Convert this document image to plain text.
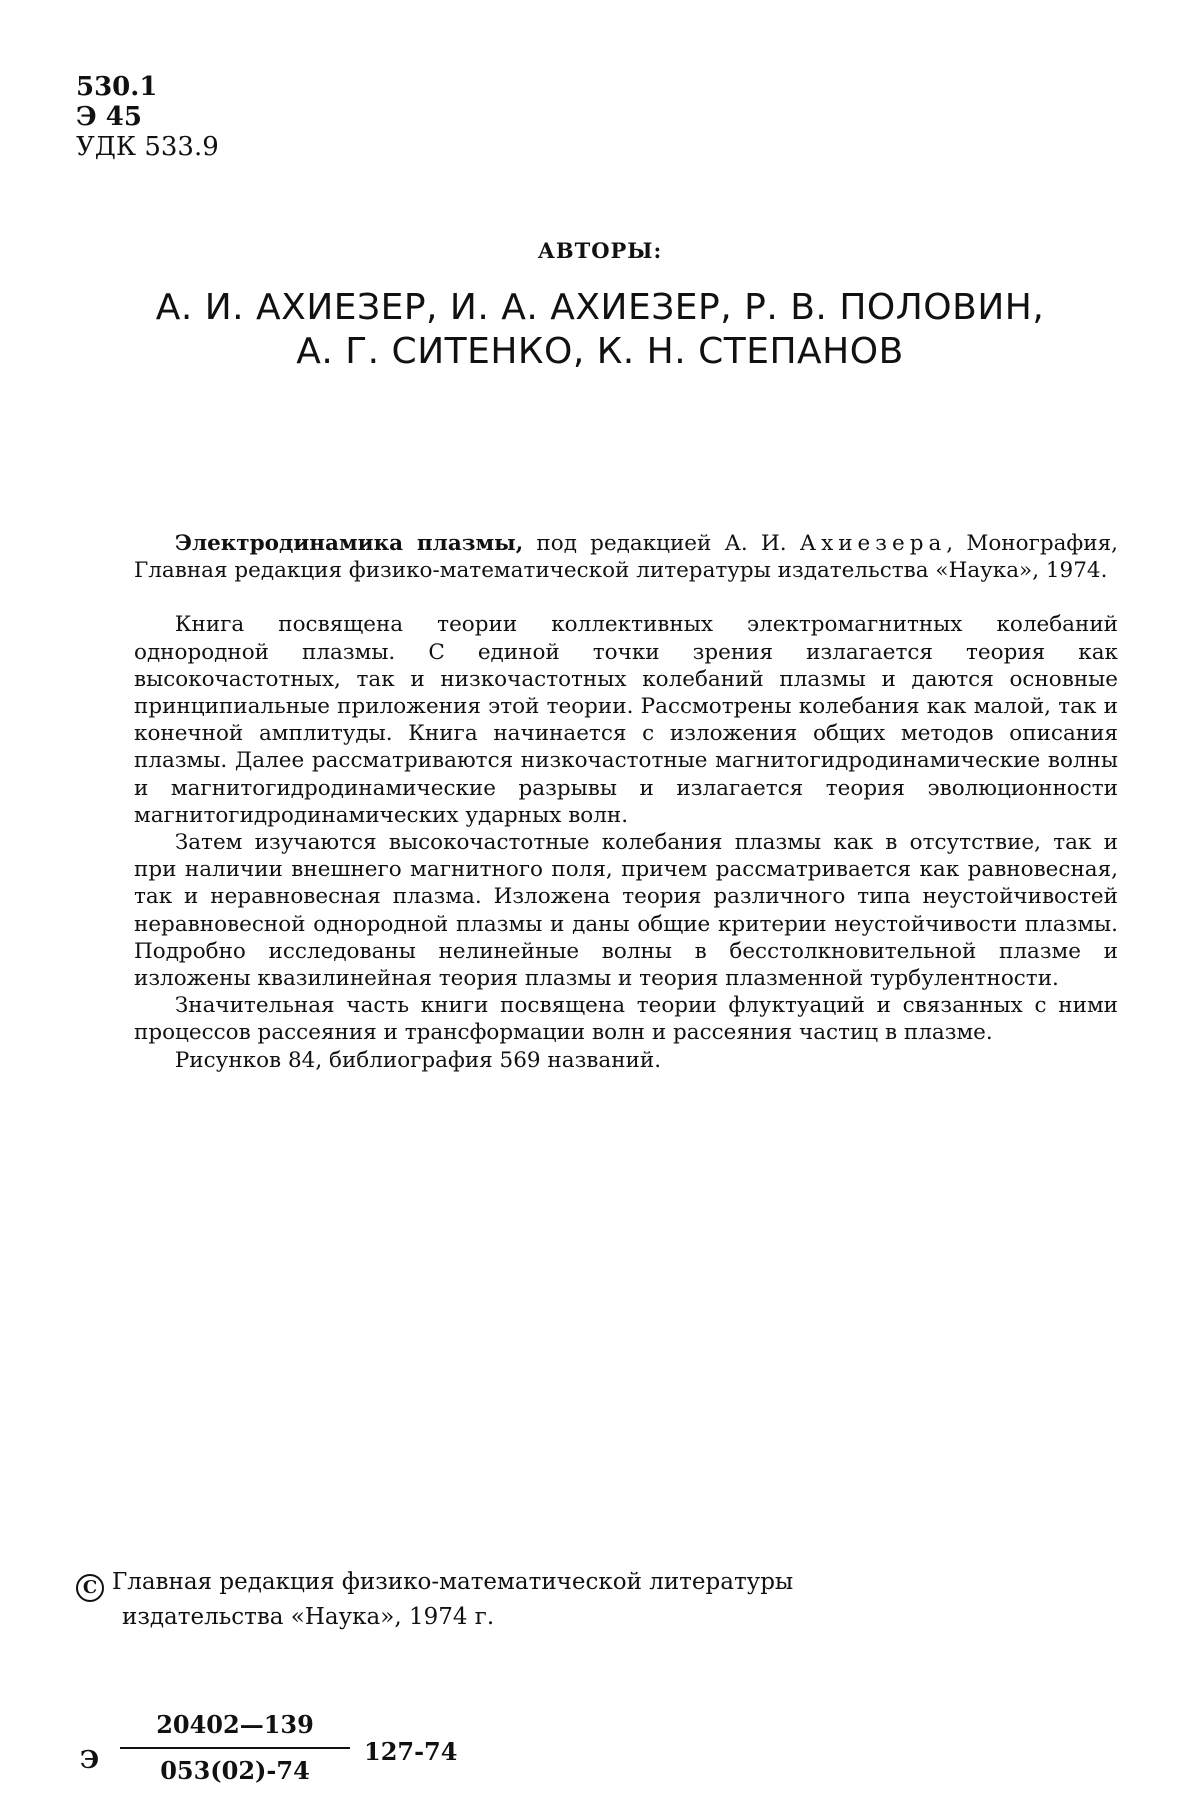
530.1
Э 45
УДК 533.9
АВТОРЫ:
А. И. АХИЕЗЕР, И. А. АХИЕЗЕР, Р. В. ПОЛОВИН,
А. Г. СИТЕНКО, К. Н. СТЕПАНОВ

Электродинамика плазмы, под редакцией А. И. Ахиезера, Монография, Главная редакция физико-математической литературы издательства «Наука», 1974.

Книга посвящена теории коллективных электромагнитных колебаний однородной плазмы. С единой точки зрения излагается теория как высокочастотных, так и низкочастотных колебаний плазмы и даются основные принципиальные приложения этой теории. Рассмотрены колебания как малой, так и конечной амплитуды. Книга начинается с изложения общих методов описания плазмы. Далее рассматриваются низкочастотные магнитогидродинамические волны и магнитогидродинамические разрывы и излагается теория эволюционности магнитогидродинамических ударных волн.

Затем изучаются высокочастотные колебания плазмы как в отсутствие, так и при наличии внешнего магнитного поля, причем рассматривается как равновесная, так и неравновесная плазма. Изложена теория различного типа неустойчивостей неравновесной однородной плазмы и даны общие критерии неустойчивости плазмы. Подробно исследованы нелинейные волны в бесстолкновительной плазме и изложены квазилинейная теория плазмы и теория плазменной турбулентности.

Значительная часть книги посвящена теории флуктуаций и связанных с ними процессов рассеяния и трансформации волн и рассеяния частиц в плазме.

Рисунков 84, библиография 569 названий.

C Главная редакция физико-математической литературы
издательства «Наука», 1974 г.
Э
20402—139
053(02)-74
127-74
